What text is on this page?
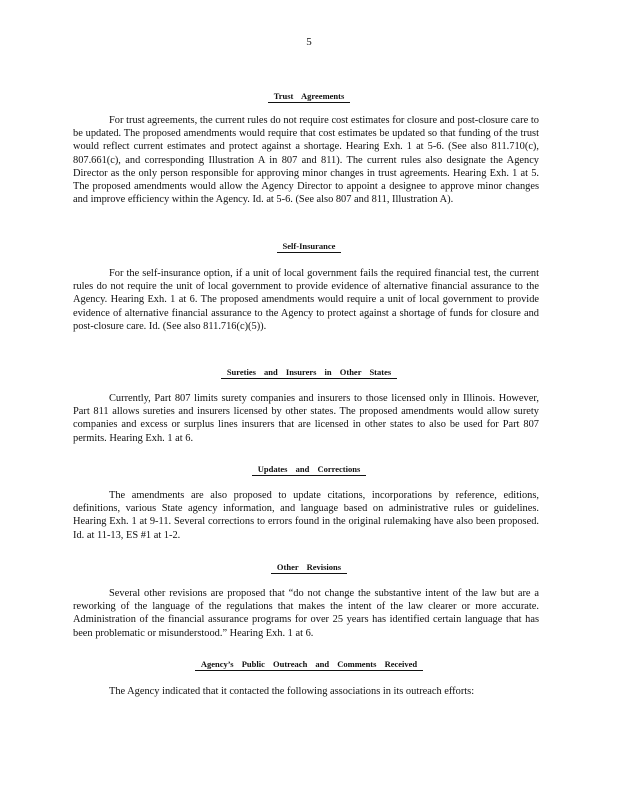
5
Trust Agreements

For trust agreements, the current rules do not require cost estimates for closure and post-closure care to be updated. The proposed amendments would require that cost estimates be updated so that funding of the trust would reflect current estimates and protect against a shortage. Hearing Exh. 1 at 5-6. (See also 811.710(c), 807.661(c), and corresponding Illustration A in 807 and 811). The current rules also designate the Agency Director as the only person responsible for approving minor changes in trust agreements. Hearing Exh. 1 at 5. The proposed amendments would allow the Agency Director to appoint a designee to approve minor changes and improve efficiency within the Agency. Id. at 5-6. (See also 807 and 811, Illustration A).

Self-Insurance

For the self-insurance option, if a unit of local government fails the required financial test, the current rules do not require the unit of local government to provide evidence of alternative financial assurance to the Agency. Hearing Exh. 1 at 6. The proposed amendments would require a unit of local government to provide evidence of alternative financial assurance to the Agency to protect against a shortage of funds for closure and post-closure care. Id. (See also 811.716(c)(5)).

Sureties and Insurers in Other States

Currently, Part 807 limits surety companies and insurers to those licensed only in Illinois. However, Part 811 allows sureties and insurers licensed by other states. The proposed amendments would allow surety companies and excess or surplus lines insurers that are licensed in other states to also be used for Part 807 permits. Hearing Exh. 1 at 6.

Updates and Corrections

The amendments are also proposed to update citations, incorporations by reference, editions, definitions, various State agency information, and language based on administrative rules or guidelines. Hearing Exh. 1 at 9-11. Several corrections to errors found in the original rulemaking have also been proposed. Id. at 11-13, ES #1 at 1-2.

Other Revisions

Several other revisions are proposed that “do not change the substantive intent of the law but are a reworking of the language of the regulations that makes the intent of the law clearer or more accurate. Administration of the financial assurance programs for over 25 years has identified certain language that has been problematic or misunderstood.” Hearing Exh. 1 at 6.

Agency’s Public Outreach and Comments Received

The Agency indicated that it contacted the following associations in its outreach efforts:
